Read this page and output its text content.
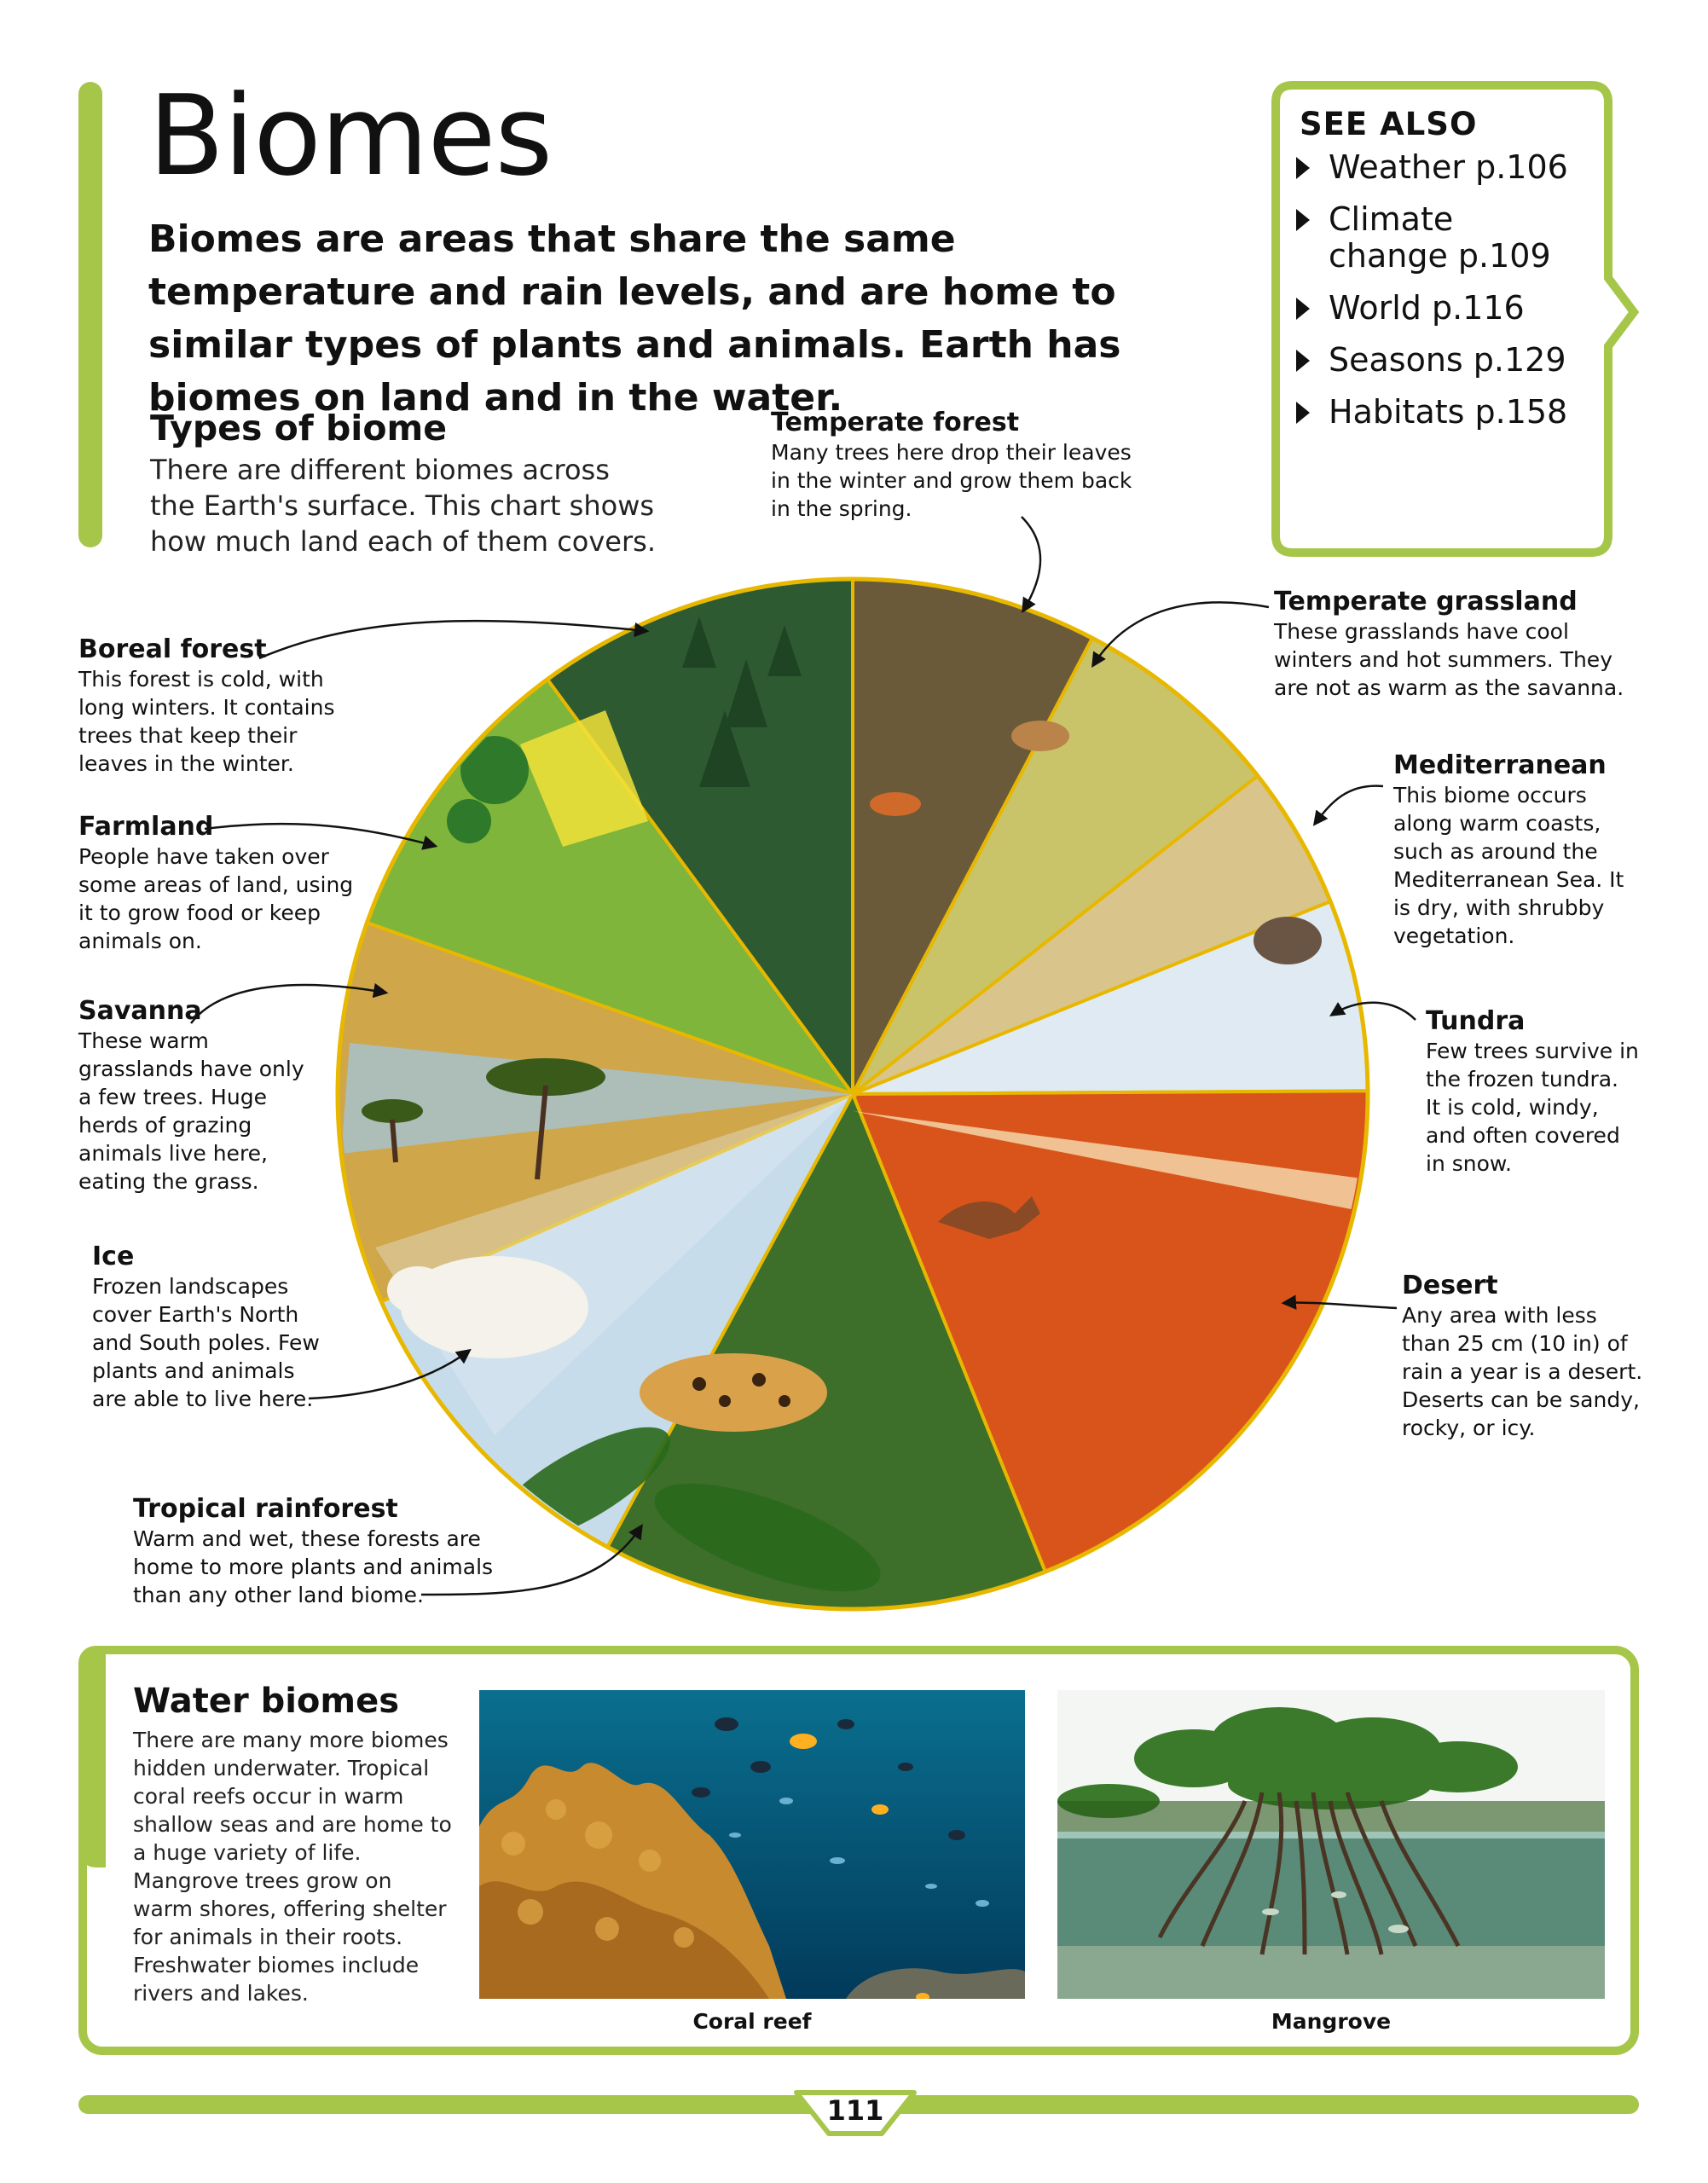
Biomes

Biomes are areas that share the same temperature and rain levels, and are home to similar types of plants and animals. Earth has biomes on land and in the water.

SEE ALSO
Weather p.106
Climate change p.109
World p.116
Seasons p.129
Habitats p.158
Types of biome

There are different biomes across the Earth's surface. This chart shows how much land each of them covers.

Temperate forest

Many trees here drop their leaves in the winter and grow them back in the spring.

Temperate grassland

These grasslands have cool winters and hot summers. They are not as warm as the savanna.

Mediterranean

This biome occurs along warm coasts, such as around the Mediterranean Sea. It is dry, with shrubby vegetation.

Tundra

Few trees survive in the frozen tundra. It is cold, windy, and often covered in snow.

Desert

Any area with less than 25 cm (10 in) of rain a year is a desert. Deserts can be sandy, rocky, or icy.

Tropical rainforest

Warm and wet, these forests are home to more plants and animals than any other land biome.

Ice

Frozen landscapes cover Earth's North and South poles. Few plants and animals are able to live here.

Savanna

These warm grasslands have only a few trees. Huge herds of grazing animals live here, eating the grass.

Farmland

People have taken over some areas of land, using it to grow food or keep animals on.

Boreal forest

This forest is cold, with long winters. It contains trees that keep their leaves in the winter.

Water biomes

There are many more biomes hidden underwater. Tropical coral reefs occur in warm shallow seas and are home to a huge variety of life. Mangrove trees grow on warm shores, offering shelter for animals in their roots. Freshwater biomes include rivers and lakes.

Coral reef	Mangrove
111
